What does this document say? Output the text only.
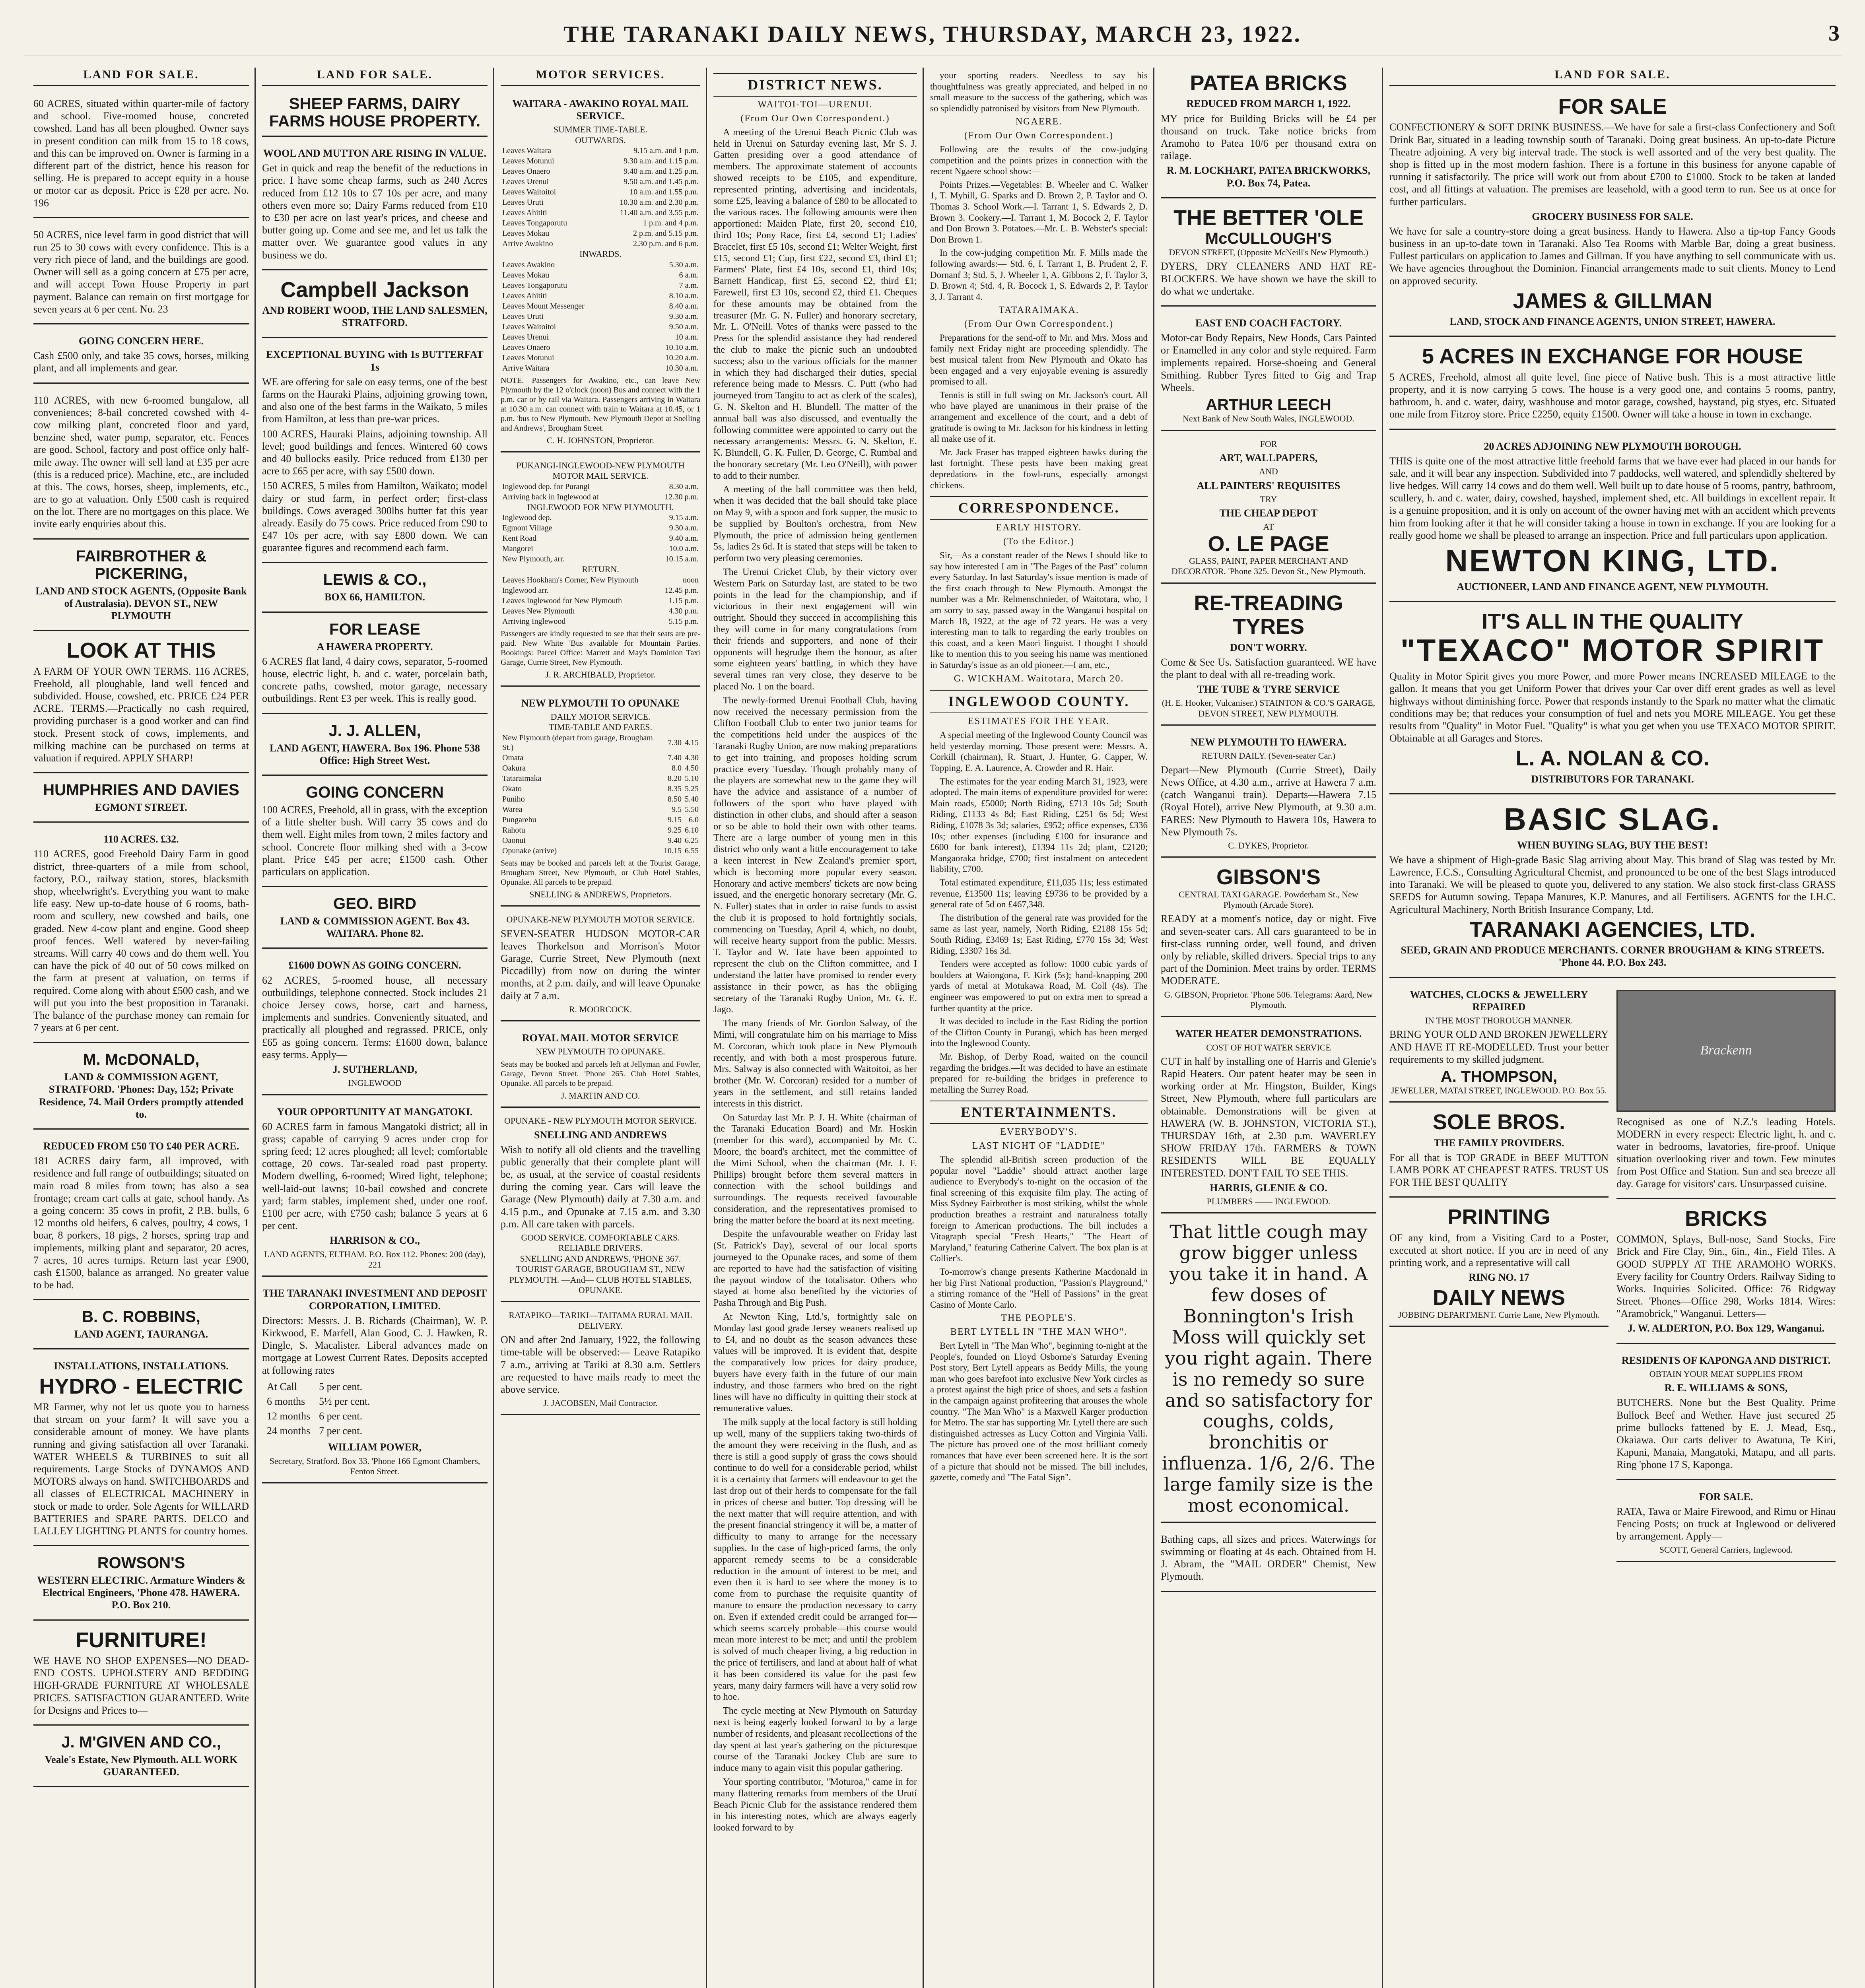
THE TARANAKI DAILY NEWS, THURSDAY, MARCH 23, 1922.	3
LAND FOR SALE.

60 ACRES, situated within quarter-mile of factory and school. Five-roomed house, concreted cowshed. Land has all been ploughed. Owner says in present condition can milk from 15 to 18 cows, and this can be improved on. Owner is farming in a different part of the district, hence his reason for selling. He is prepared to accept equity in a house or motor car as deposit. Price is £28 per acre. No. 196

50 ACRES, nice level farm in good district that will run 25 to 30 cows with every confidence. This is a very rich piece of land, and the buildings are good. Owner will sell as a going concern at £75 per acre, and will accept Town House Property in part payment. Balance can remain on first mortgage for seven years at 6 per cent. No. 23

GOING CONCERN HERE.

Cash £500 only, and take 35 cows, horses, milking plant, and all implements and gear.

110 ACRES, with new 6-roomed bungalow, all conveniences; 8-bail concreted cowshed with 4-cow milking plant, concreted floor and yard, benzine shed, water pump, separator, etc. Fences are good. School, factory and post office only half-mile away. The owner will sell land at £35 per acre (this is a reduced price). Machine, etc., are included at this. The cows, horses, sheep, implements, etc., are to go at valuation. Only £500 cash is required on the lot. There are no mortgages on this place. We invite early enquiries about this.

FAIRBROTHER & PICKERING,
LAND AND STOCK AGENTS, (Opposite Bank of Australasia). DEVON ST., NEW PLYMOUTH
LOOK AT THIS

A FARM OF YOUR OWN TERMS. 116 ACRES, Freehold, all ploughable, land well fenced and subdivided. House, cowshed, etc. PRICE £24 PER ACRE. TERMS.—Practically no cash required, providing purchaser is a good worker and can find stock. Present stock of cows, implements, and milking machine can be purchased on terms at valuation if required. APPLY SHARP!

HUMPHRIES AND DAVIES
EGMONT STREET.
110 ACRES. £32.

110 ACRES, good Freehold Dairy Farm in good district, three-quarters of a mile from school, factory, P.O., railway station, stores, blacksmith shop, wheelwright's. Everything you want to make life easy. New up-to-date house of 6 rooms, bath-room and scullery, new cowshed and bails, one graded. New 4-cow plant and engine. Good sheep proof fences. Well watered by never-failing streams. Will carry 40 cows and do them well. You can have the pick of 40 out of 50 cows milked on the farm at present at valuation, on terms if required. Come along with about £500 cash, and we will put you into the best proposition in Taranaki. The balance of the purchase money can remain for 7 years at 6 per cent.

M. McDONALD,
LAND & COMMISSION AGENT, STRATFORD. 'Phones: Day, 152; Private Residence, 74. Mail Orders promptly attended to.
REDUCED FROM £50 TO £40 PER ACRE.

181 ACRES dairy farm, all improved, with residence and full range of outbuildings; situated on main road 8 miles from town; has also a sea frontage; cream cart calls at gate, school handy. As a going concern: 35 cows in profit, 2 P.B. bulls, 6 12 months old heifers, 6 calves, poultry, 4 cows, 1 boar, 8 porkers, 18 pigs, 2 horses, spring trap and implements, milking plant and separator, 20 acres, 7 acres, 10 acres turnips. Return last year £900, cash £1500, balance as arranged. No greater value to be had.

B. C. ROBBINS,
LAND AGENT, TAURANGA.
INSTALLATIONS, INSTALLATIONS.
HYDRO - ELECTRIC

MR Farmer, why not let us quote you to harness that stream on your farm? It will save you a considerable amount of money. We have plants running and giving satisfaction all over Taranaki. WATER WHEELS & TURBINES to suit all requirements. Large Stocks of DYNAMOS AND MOTORS always on hand. SWITCHBOARDS and all classes of ELECTRICAL MACHINERY in stock or made to order. Sole Agents for WILLARD BATTERIES and SPARE PARTS. DELCO and LALLEY LIGHTING PLANTS for country homes.

ROWSON'S
WESTERN ELECTRIC. Armature Winders & Electrical Engineers, 'Phone 478. HAWERA. P.O. Box 210.
FURNITURE!

WE HAVE NO SHOP EXPENSES—NO DEAD-END COSTS. UPHOLSTERY AND BEDDING HIGH-GRADE FURNITURE AT WHOLESALE PRICES. SATISFACTION GUARANTEED. Write for Designs and Prices to—

J. M'GIVEN AND CO.,
Veale's Estate, New Plymouth. ALL WORK GUARANTEED.
LAND FOR SALE.
SHEEP FARMS, DAIRY FARMS HOUSE PROPERTY.
WOOL AND MUTTON ARE RISING IN VALUE.

Get in quick and reap the benefit of the reductions in price. I have some cheap farms, such as 240 Acres reduced from £12 10s to £7 10s per acre, and many others even more so; Dairy Farms reduced from £10 to £30 per acre on last year's prices, and cheese and butter going up. Come and see me, and let us talk the matter over. We guarantee good values in any business we do.

Campbell Jackson
AND ROBERT WOOD, THE LAND SALESMEN, STRATFORD.
EXCEPTIONAL BUYING with 1s BUTTERFAT 1s

WE are offering for sale on easy terms, one of the best farms on the Hauraki Plains, adjoining growing town, and also one of the best farms in the Waikato, 5 miles from Hamilton, at less than pre-war prices.

100 ACRES, Hauraki Plains, adjoining township. All level; good buildings and fences. Wintered 60 cows and 40 bullocks easily. Price reduced from £130 per acre to £65 per acre, with say £500 down.

150 ACRES, 5 miles from Hamilton, Waikato; model dairy or stud farm, in perfect order; first-class buildings. Cows averaged 300lbs butter fat this year already. Easily do 75 cows. Price reduced from £90 to £47 10s per acre, with say £800 down. We can guarantee figures and recommend each farm.

LEWIS & CO.,
BOX 66, HAMILTON.
FOR LEASE
A HAWERA PROPERTY.

6 ACRES flat land, 4 dairy cows, separator, 5-roomed house, electric light, h. and c. water, porcelain bath, concrete paths, cowshed, motor garage, necessary outbuildings. Rent £3 per week. This is really good.

J. J. ALLEN,
LAND AGENT, HAWERA. Box 196. Phone 538 Office: High Street West.
GOING CONCERN

100 ACRES, Freehold, all in grass, with the exception of a little shelter bush. Will carry 35 cows and do them well. Eight miles from town, 2 miles factory and school. Concrete floor milking shed with a 3-cow plant. Price £45 per acre; £1500 cash. Other particulars on application.

GEO. BIRD
LAND & COMMISSION AGENT. Box 43. WAITARA. Phone 82.
£1600 DOWN AS GOING CONCERN.

62 ACRES, 5-roomed house, all necessary outbuildings, telephone connected. Stock includes 21 choice Jersey cows, horse, cart and harness, implements and sundries. Conveniently situated, and practically all ploughed and regrassed. PRICE, only £65 as going concern. Terms: £1600 down, balance easy terms. Apply—

J. SUTHERLAND,
INGLEWOOD
YOUR OPPORTUNITY AT MANGATOKI.

60 ACRES farm in famous Mangatoki district; all in grass; capable of carrying 9 acres under crop for spring feed; 12 acres ploughed; all level; comfortable cottage, 20 cows. Tar-sealed road past property. Modern dwelling, 6-roomed; Wired light, telephone; well-laid-out lawns; 10-bail cowshed and concrete yard; farm stables, implement shed, under one roof. £100 per acre, with £750 cash; balance 5 years at 6 per cent.

HARRISON & CO.,
LAND AGENTS, ELTHAM. P.O. Box 112. Phones: 200 (day), 221
THE TARANAKI INVESTMENT AND DEPOSIT CORPORATION, LIMITED.

Directors: Messrs. J. B. Richards (Chairman), W. P. Kirkwood, E. Marfell, Alan Good, C. J. Hawken, R. Dingle, S. Macalister. Liberal advances made on mortgage at Lowest Current Rates. Deposits accepted at following rates

At Call	5 per cent.
6 months	5½ per cent.
12 months	6 per cent.
24 months	7 per cent.
WILLIAM POWER,
Secretary, Stratford. Box 33. 'Phone 166 Egmont Chambers, Fenton Street.
MOTOR SERVICES.
WAITARA - AWAKINO ROYAL MAIL SERVICE.
SUMMER TIME-TABLE.
OUTWARDS.
Leaves Waitara	9.15 a.m. and 1 p.m.
Leaves Motunui	9.30 a.m. and 1.15 p.m.
Leaves Onaero	9.40 a.m. and 1.25 p.m.
Leaves Urenui	9.50 a.m. and 1.45 p.m.
Leaves Waitoitoi	10 a.m. and 1.55 p.m.
Leaves Uruti	10.30 a.m. and 2.30 p.m.
Leaves Ahititi	11.40 a.m. and 3.55 p.m.
Leaves Tongaporutu	1 p.m. and 4 p.m.
Leaves Mokau	2 p.m. and 5.15 p.m.
Arrive Awakino	2.30 p.m. and 6 p.m.
INWARDS.
Leaves Awakino	5.30 a.m.
Leaves Mokau	6 a.m.
Leaves Tongaporutu	7 a.m.
Leaves Ahititi	8.10 a.m.
Leaves Mount Messenger	8.40 a.m.
Leaves Uruti	9.30 a.m.
Leaves Waitoitoi	9.50 a.m.
Leaves Urenui	10 a.m.
Leaves Onaero	10.10 a.m.
Leaves Motunui	10.20 a.m.
Arrive Waitara	10.30 a.m.

NOTE.—Passengers for Awakino, etc., can leave New Plymouth by the 12 o'clock (noon) Bus and connect with the 1 p.m. car or by rail via Waitara. Passengers arriving in Waitara at 10.30 a.m. can connect with train to Waitara at 10.45, or 1 p.m. 'bus to New Plymouth. New Plymouth Depot at Snelling and Andrews', Brougham Street.

C. H. JOHNSTON, Proprietor.
PUKANGI-INGLEWOOD-NEW PLYMOUTH MOTOR MAIL SERVICE.
Inglewood dep. for Purangi	8.30 a.m.
Arriving back in Inglewood at	12.30 p.m.
INGLEWOOD FOR NEW PLYMOUTH.
Inglewood dep.	9.15 a.m.
Egmont Village	9.30 a.m.
Kent Road	9.40 a.m.
Mangorei	10.0 a.m.
New Plymouth, arr.	10.15 a.m.
RETURN.
Leaves Hookham's Corner, New Plymouth	noon
Inglewood arr.	12.45 p.m.
Leaves Inglewood for New Plymouth	1.15 p.m.
Leaves New Plymouth	4.30 p.m.
Arriving Inglewood	5.15 p.m.

Passengers are kindly requested to see that their seats are pre-paid. New White 'Bus available for Mountain Parties. Bookings: Parcel Office: Marrett and May's Dominion Taxi Garage, Currie Street, New Plymouth.

J. R. ARCHIBALD, Proprietor.
NEW PLYMOUTH TO OPUNAKE
DAILY MOTOR SERVICE.
TIME-TABLE AND FARES.
New Plymouth (depart from garage, Brougham St.)	7.30	4.15
Omata	7.40	4.30
Oakura	8.0	4.50
Tataraimaka	8.20	5.10
Okato	8.35	5.25
Puniho	8.50	5.40
Warea	9.5	5.50
Pungarehu	9.15	6.0
Rahotu	9.25	6.10
Oaonui	9.40	6.25
Opunake (arrive)	10.15	6.55

Seats may be booked and parcels left at the Tourist Garage, Brougham Street, New Plymouth, or Club Hotel Stables, Opunake. All parcels to be prepaid.

SNELLING & ANDREWS, Proprietors.
OPUNAKE-NEW PLYMOUTH MOTOR SERVICE.

SEVEN-SEATER HUDSON MOTOR-CAR leaves Thorkelson and Morrison's Motor Garage, Currie Street, New Plymouth (next Piccadilly) from now on during the winter months, at 2 p.m. daily, and will leave Opunake daily at 7 a.m.

R. MOORCOCK.
ROYAL MAIL MOTOR SERVICE
NEW PLYMOUTH TO OPUNAKE.

Seats may be booked and parcels left at Jellyman and Fowler, Garage, Devon Street. 'Phone 265. Club Hotel Stables, Opunake. All parcels to be prepaid.

J. MARTIN AND CO.
OPUNAKE - NEW PLYMOUTH MOTOR SERVICE.
SNELLING AND ANDREWS

Wish to notify all old clients and the travelling public generally that their complete plant will be, as usual, at the service of coastal residents during the coming year. Cars will leave the Garage (New Plymouth) daily at 7.30 a.m. and 4.15 p.m., and Opunake at 7.15 a.m. and 3.30 p.m. All care taken with parcels.

GOOD SERVICE. COMFORTABLE CARS. RELIABLE DRIVERS.
SNELLING AND ANDREWS, 'PHONE 367. TOURIST GARAGE, BROUGHAM ST., NEW PLYMOUTH. —And— CLUB HOTEL STABLES, OPUNAKE.
RATAPIKO—TARIKI—TAITAMA RURAL MAIL DELIVERY.

ON and after 2nd January, 1922, the following time-table will be observed:— Leave Ratapiko 7 a.m., arriving at Tariki at 8.30 a.m. Settlers are requested to have mails ready to meet the above service.

J. JACOBSEN, Mail Contractor.
DISTRICT NEWS.
WAITOI-TOI—URENUI.
(From Our Own Correspondent.)

A meeting of the Urenui Beach Picnic Club was held in Urenui on Saturday evening last, Mr S. J. Gatten presiding over a good attendance of members. The approximate statement of accounts showed receipts to be £105, and expenditure, represented printing, advertising and incidentals, some £25, leaving a balance of £80 to be allocated to the various races. The following amounts were then apportioned: Maiden Plate, first 20, second £10, third 10s; Pony Race, first £4, second £1; Ladies' Bracelet, first £5 10s, second £1; Welter Weight, first £15, second £1; Cup, first £22, second £3, third £1; Farmers' Plate, first £4 10s, second £1, third 10s; Barnett Handicap, first £5, second £2, third £1; Farewell, first £3 10s, second £2, third £1. Cheques for these amounts may be obtained from the treasurer (Mr. G. N. Fuller) and honorary secretary, Mr. L. O'Neill. Votes of thanks were passed to the Press for the splendid assistance they had rendered the club to make the picnic such an undoubted success; also to the various officials for the manner in which they had discharged their duties, special reference being made to Messrs. C. Putt (who had journeyed from Tangitu to act as clerk of the scales), G. N. Skelton and H. Blundell. The matter of the annual ball was also discussed, and eventually the following committee were appointed to carry out the necessary arrangements: Messrs. G. N. Skelton, E. K. Blundell, G. K. Fuller, D. George, C. Rumbal and the honorary secretary (Mr. Leo O'Neill), with power to add to their number.

A meeting of the ball committee was then held, when it was decided that the ball should take place on May 9, with a spoon and fork supper, the music to be supplied by Boulton's orchestra, from New Plymouth, the price of admission being gentlemen 5s, ladies 2s 6d. It is stated that steps will be taken to perform two very pleasing ceremonies.

The Urenui Cricket Club, by their victory over Western Park on Saturday last, are stated to be two points in the lead for the championship, and if victorious in their next engagement will win outright. Should they succeed in accomplishing this they will come in for many congratulations from their friends and supporters, and none of their opponents will begrudge them the honour, as after some eighteen years' battling, in which they have several times ran very close, they deserve to be placed No. 1 on the board.

The newly-formed Urenui Football Club, having now received the necessary permission from the Clifton Football Club to enter two junior teams for the competitions held under the auspices of the Taranaki Rugby Union, are now making preparations to get into training, and proposes holding scrum practice every Tuesday. Though probably many of the players are somewhat new to the game they will have the advice and assistance of a number of followers of the sport who have played with distinction in other clubs, and should after a season or so be able to hold their own with other teams. There are a large number of young men in this district who only want a little encouragement to take a keen interest in New Zealand's premier sport, which is becoming more popular every season. Honorary and active members' tickets are now being issued, and the energetic honorary secretary (Mr. G. N. Fuller) states that in order to raise funds to assist the club it is proposed to hold fortnightly socials, commencing on Tuesday, April 4, which, no doubt, will receive hearty support from the public. Messrs. T. Taylor and W. Tate have been appointed to represent the club on the Clifton committee, and I understand the latter have promised to render every assistance in their power, as has the obliging secretary of the Taranaki Rugby Union, Mr. G. E. Jago.

The many friends of Mr. Gordon Salway, of the Mimi, will congratulate him on his marriage to Miss M. Corcoran, which took place in New Plymouth recently, and with both a most prosperous future. Mrs. Salway is also connected with Waitoitoi, as her brother (Mr. W. Corcoran) resided for a number of years in the settlement, and still retains landed interests in this district.

On Saturday last Mr. P. J. H. White (chairman of the Taranaki Education Board) and Mr. Hoskin (member for this ward), accompanied by Mr. C. Moore, the board's architect, met the committee of the Mimi School, when the chairman (Mr. J. F. Phillips) brought before them several matters in connection with the school buildings and surroundings. The requests received favourable consideration, and the representatives promised to bring the matter before the board at its next meeting.

Despite the unfavourable weather on Friday last (St. Patrick's Day), several of our local sports journeyed to the Opunake races, and some of them are reported to have had the satisfaction of visiting the payout window of the totalisator. Others who stayed at home also benefited by the victories of Pasha Through and Big Push.

At Newton King, Ltd.'s, fortnightly sale on Monday last good grade Jersey weaners realised up to £4, and no doubt as the season advances these values will be improved. It is evident that, despite the comparatively low prices for dairy produce, buyers have every faith in the future of our main industry, and those farmers who bred on the right lines will have no difficulty in quitting their stock at remunerative values.

The milk supply at the local factory is still holding up well, many of the suppliers taking two-thirds of the amount they were receiving in the flush, and as there is still a good supply of grass the cows should continue to do well for a considerable period, whilst it is a certainty that farmers will endeavour to get the last drop out of their herds to compensate for the fall in prices of cheese and butter. Top dressing will be the next matter that will require attention, and with the present financial stringency it will be, a matter of difficulty to many to arrange for the necessary supplies. In the case of high-priced farms, the only apparent remedy seems to be a considerable reduction in the amount of interest to be met, and even then it is hard to see where the money is to come from to purchase the requisite quantity of manure to ensure the production necessary to carry on. Even if extended credit could be arranged for—which seems scarcely probable—this course would mean more interest to be met; and until the problem is solved of much cheaper living, a big reduction in the price of fertilisers, and land at about half of what it has been considered its value for the past few years, many dairy farmers will have a very solid row to hoe.

The cycle meeting at New Plymouth on Saturday next is being eagerly looked forward to by a large number of residents, and pleasant recollections of the day spent at last year's gathering on the picturesque course of the Taranaki Jockey Club are sure to induce many to again visit this popular gathering.

Your sporting contributor, "Moturoa," came in for many flattering remarks from members of the Urutí Beach Picnic Club for the assistance rendered them in his interesting notes, which are always eagerly looked forward to by

your sporting readers. Needless to say his thoughtfulness was greatly appreciated, and helped in no small measure to the success of the gathering, which was so splendidly patronised by visitors from New Plymouth.

NGAERE.
(From Our Own Correspondent.)

Following are the results of the cow-judging competition and the points prizes in connection with the recent Ngaere school show:—

Points Prizes.—Vegetables: B. Wheeler and C. Walker 1, T. Myhill, G. Sparks and D. Brown 2, P. Taylor and O. Thomas 3. School Work.—I. Tarrant 1, S. Edwards 2, D. Brown 3. Cookery.—I. Tarrant 1, M. Bocock 2, F. Taylor and Don Brown 3. Potatoes.—Mr. L. B. Webster's special: Don Brown 1.

In the cow-judging competition Mr. F. Mills made the following awards:— Std. 6, I. Tarrant 1, B. Prudent 2, F. Dornanf 3; Std. 5, J. Wheeler 1, A. Gibbons 2, F. Taylor 3, D. Brown 4; Std. 4, R. Bocock 1, S. Edwards 2, P. Taylor 3, J. Tarrant 4.

TATARAIMAKA.
(From Our Own Correspondent.)

Preparations for the send-off to Mr. and Mrs. Moss and family next Friday night are proceeding splendidly. The best musical talent from New Plymouth and Okato has been engaged and a very enjoyable evening is assuredly promised to all.

Tennis is still in full swing on Mr. Jackson's court. All who have played are unanimous in their praise of the arrangement and excellence of the court, and a debt of gratitude is owing to Mr. Jackson for his kindness in letting all make use of it.

Mr. Jack Fraser has trapped eighteen hawks during the last fortnight. These pests have been making great depredations in the fowl-runs, especially amongst chickens.

CORRESPONDENCE.
EARLY HISTORY.
(To the Editor.)

Sir,—As a constant reader of the News I should like to say how interested I am in "The Pages of the Past" column every Saturday. In last Saturday's issue mention is made of the first coach through to New Plymouth. Amongst the number was a Mr. Relmenschnieder, of Waitotara, who, I am sorry to say, passed away in the Wanganui hospital on March 18, 1922, at the age of 72 years. He was a very interesting man to talk to regarding the early troubles on this coast, and a keen Maori linguist. I thought I should like to mention this to you seeing his name was mentioned in Saturday's issue as an old pioneer.—I am, etc.,

G. WICKHAM. Waitotara, March 20.
INGLEWOOD COUNTY.
ESTIMATES FOR THE YEAR.

A special meeting of the Inglewood County Council was held yesterday morning. Those present were: Messrs. A. Corkill (chairman), R. Stuart, J. Hunter, G. Capper, W. Topping, E. A. Laurence, A. Crowder and R. Hair.

The estimates for the year ending March 31, 1923, were adopted. The main items of expenditure provided for were: Main roads, £5000; North Riding, £713 10s 5d; South Riding, £1133 4s 8d; East Riding, £251 6s 5d; West Riding, £1078 3s 3d; salaries, £952; office expenses, £336 10s; other expenses (including £100 for insurance and £600 for bank interest), £1394 11s 2d; plant, £2120; Mangaoraka bridge, £700; first instalment on antecedent liability, £700.

Total estimated expenditure, £11,035 11s; less estimated revenue, £13500 11s; leaving £9736 to be provided by a general rate of 5d on £467,348.

The distribution of the general rate was provided for the same as last year, namely, North Riding, £2188 15s 5d; South Riding, £3469 1s; East Riding, £770 15s 3d; West Riding, £3307 16s 3d.

Tenders were accepted as follow: 1000 cubic yards of boulders at Waiongona, F. Kirk (5s); hand-knapping 200 yards of metal at Motukawa Road, M. Coll (4s). The engineer was empowered to put on extra men to spread a further quantity at the price.

It was decided to include in the East Riding the portion of the Clifton County in Purangi, which has been merged into the Inglewood County.

Mr. Bishop, of Derby Road, waited on the council regarding the bridges.—It was decided to have an estimate prepared for re-building the bridges in preference to metalling the Surrey Road.

ENTERTAINMENTS.
EVERYBODY'S.
LAST NIGHT OF "LADDIE"

The splendid all-British screen production of the popular novel "Laddie" should attract another large audience to Everybody's to-night on the occasion of the final screening of this exquisite film play. The acting of Miss Sydney Fairbrother is most striking, whilst the whole production breathes a restraint and naturalness totally foreign to American productions. The bill includes a Vitagraph special "Fresh Hearts," "The Heart of Maryland," featuring Catherine Calvert. The box plan is at Collier's.

To-morrow's change presents Katherine Macdonald in her big First National production, "Passion's Playground," a stirring romance of the "Hell of Passions" in the great Casino of Monte Carlo.

THE PEOPLE'S.
BERT LYTELL IN "THE MAN WHO".

Bert Lytell in "The Man Who", beginning to-night at the People's, founded on Lloyd Osborne's Saturday Evening Post story, Bert Lytell appears as Beddy Mills, the young man who goes barefoot into exclusive New York circles as a protest against the high price of shoes, and sets a fashion in the campaign against profiteering that arouses the whole country. "The Man Who" is a Maxwell Karger production for Metro. The star has supporting Mr. Lytell there are such distinguished actresses as Lucy Cotton and Virginia Valli. The picture has proved one of the most brilliant comedy romances that have ever been screened here. It is the sort of a picture that should not be missed. The bill includes, gazette, comedy and "The Fatal Sign".

PATEA BRICKS
REDUCED FROM MARCH 1, 1922.

MY price for Building Bricks will be £4 per thousand on truck. Take notice bricks from Aramoho to Patea 10/6 per thousand extra on railage.

R. M. LOCKHART, PATEA BRICKWORKS, P.O. Box 74, Patea.
THE BETTER 'OLE
McCULLOUGH'S
DEVON STREET, (Opposite McNeill's New Plymouth.)

DYERS, DRY CLEANERS AND HAT RE-BLOCKERS. We have shown we have the skill to do what we undertake.

EAST END COACH FACTORY.

Motor-car Body Repairs, New Hoods, Cars Painted or Enamelled in any color and style required. Farm implements repaired. Horse-shoeing and General Smithing. Rubber Tyres fitted to Gig and Trap Wheels.

ARTHUR LEECH
Next Bank of New South Wales, INGLEWOOD.
FOR
ART, WALLPAPERS,
AND
ALL PAINTERS' REQUISITES
TRY
THE CHEAP DEPOT
AT
O. LE PAGE
GLASS, PAINT, PAPER MERCHANT AND DECORATOR. 'Phone 325. Devon St., New Plymouth.
RE-TREADING TYRES
DON'T WORRY.

Come & See Us. Satisfaction guaranteed. WE have the plant to deal with all re-treading work.

THE TUBE & TYRE SERVICE
(H. E. Hooker, Vulcaniser.) STAINTON & CO.'S GARAGE, DEVON STREET, NEW PLYMOUTH.
NEW PLYMOUTH TO HAWERA.
RETURN DAILY. (Seven-seater Car.)

Depart—New Plymouth (Currie Street), Daily News Office, at 4.30 a.m., arrive at Hawera 7 a.m. (catch Wanganui train). Departs—Hawera 7.15 (Royal Hotel), arrive New Plymouth, at 9.30 a.m. FARES: New Plymouth to Hawera 10s, Hawera to New Plymouth 7s.

C. DYKES, Proprietor.
GIBSON'S
CENTRAL TAXI GARAGE. Powderham St., New Plymouth (Arcade Store).

READY at a moment's notice, day or night. Five and seven-seater cars. All cars guaranteed to be in first-class running order, well found, and driven only by reliable, skilled drivers. Special trips to any part of the Dominion. Meet trains by order. TERMS MODERATE.

G. GIBSON, Proprietor. 'Phone 506. Telegrams: Aard, New Plymouth.
WATER HEATER DEMONSTRATIONS.
COST OF HOT WATER SERVICE

CUT in half by installing one of Harris and Glenie's Rapid Heaters. Our patent heater may be seen in working order at Mr. Hingston, Builder, Kings Street, New Plymouth, where full particulars are obtainable. Demonstrations will be given at HAWERA (W. B. JOHNSTON, VICTORIA ST.), THURSDAY 16th, at 2.30 p.m. WAVERLEY SHOW FRIDAY 17th. FARMERS & TOWN RESIDENTS WILL BE EQUALLY INTERESTED. DON'T FAIL TO SEE THIS.

HARRIS, GLENIE & CO.
PLUMBERS —— INGLEWOOD.
That little cough may grow bigger unless you take it in hand. A few doses of Bonnington's Irish Moss will quickly set you right again. There is no remedy so sure and so satisfactory for coughs, colds, bronchitis or influenza. 1/6, 2/6. The large family size is the most economical.

Bathing caps, all sizes and prices. Waterwings for swimming or floating at 4s each. Obtained from H. J. Abram, the "MAIL ORDER" Chemist, New Plymouth.

LAND FOR SALE.
FOR SALE

CONFECTIONERY & SOFT DRINK BUSINESS.—We have for sale a first-class Confectionery and Soft Drink Bar, situated in a leading township south of Taranaki. Doing great business. An up-to-date Picture Theatre adjoining. A very big interval trade. The stock is well assorted and of the very best quality. The shop is fitted up in the most modern fashion. There is a fortune in this business for anyone capable of running it satisfactorily. The price will work out from about £700 to £1000. Stock to be taken at landed cost, and all fittings at valuation. The premises are leasehold, with a good term to run. See us at once for further particulars.

GROCERY BUSINESS FOR SALE.

We have for sale a country-store doing a great business. Handy to Hawera. Also a tip-top Fancy Goods business in an up-to-date town in Taranaki. Also Tea Rooms with Marble Bar, doing a great business. Fullest particulars on application to James and Gillman. If you have anything to sell communicate with us. We have agencies throughout the Dominion. Financial arrangements made to suit clients. Money to Lend on approved security.

JAMES & GILLMAN
LAND, STOCK AND FINANCE AGENTS, UNION STREET, HAWERA.
5 ACRES IN EXCHANGE FOR HOUSE

5 ACRES, Freehold, almost all quite level, fine piece of Native bush. This is a most attractive little property, and it is now carrying 5 cows. The house is a very good one, and contains 5 rooms, pantry, bathroom, h. and c. water, dairy, washhouse and motor garage, cowshed, haystand, pig styes, etc. Situated one mile from Fitzroy store. Price £2250, equity £1500. Owner will take a house in town in exchange.

20 ACRES ADJOINING NEW PLYMOUTH BOROUGH.

THIS is quite one of the most attractive little freehold farms that we have ever had placed in our hands for sale, and it will bear any inspection. Subdivided into 7 paddocks, well watered, and splendidly sheltered by live hedges. Will carry 14 cows and do them well. Well built up to date house of 5 rooms, pantry, bathroom, scullery, h. and c. water, dairy, cowshed, hayshed, implement shed, etc. All buildings in excellent repair. It is a genuine proposition, and it is only on account of the owner having met with an accident which prevents him from looking after it that he will consider taking a house in town in exchange. If you are looking for a really good home we shall be pleased to arrange an inspection. Price and full particulars upon application.

NEWTON KING, LTD.
AUCTIONEER, LAND AND FINANCE AGENT, NEW PLYMOUTH.
IT'S ALL IN THE QUALITY
"TEXACO" MOTOR SPIRIT

Quality in Motor Spirit gives you more Power, and more Power means INCREASED MILEAGE to the gallon. It means that you get Uniform Power that drives your Car over diff erent grades as well as level highways without diminishing force. Power that responds instantly to the Spark no matter what the climatic conditions may be; that reduces your consumption of fuel and nets you MORE MILEAGE. You get these results from "Quality" in Motor Fuel. "Quality" is what you get when you use TEXACO MOTOR SPIRIT. Obtainable at all Garages and Stores.

L. A. NOLAN & CO.
DISTRIBUTORS FOR TARANAKI.
BASIC SLAG.
WHEN BUYING SLAG, BUY THE BEST!

We have a shipment of High-grade Basic Slag arriving about May. This brand of Slag was tested by Mr. Lawrence, F.C.S., Consulting Agricultural Chemist, and pronounced to be one of the best Slags introduced into Taranaki. We will be pleased to quote you, delivered to any station. We also stock first-class GRASS SEEDS for Autumn sowing. Tepapa Manures, K.P. Manures, and all Fertilisers. AGENTS for the I.H.C. Agricultural Machinery, North British Insurance Company, Ltd.

TARANAKI AGENCIES, LTD.
SEED, GRAIN AND PRODUCE MERCHANTS. CORNER BROUGHAM & KING STREETS. 'Phone 44. P.O. Box 243.
WATCHES, CLOCKS & JEWELLERY REPAIRED
IN THE MOST THOROUGH MANNER.

BRING YOUR OLD AND BROKEN JEWELLERY AND HAVE IT RE-MODELLED. Trust your better requirements to my skilled judgment.

A. THOMPSON,
JEWELLER, MATAI STREET, INGLEWOOD. P.O. Box 55.
SOLE BROS.
THE FAMILY PROVIDERS.

For all that is TOP GRADE in BEEF MUTTON LAMB PORK AT CHEAPEST RATES. TRUST US FOR THE BEST QUALITY

PRINTING

OF any kind, from a Visiting Card to a Poster, executed at short notice. If you are in need of any printing work, and a representative will call

RING NO. 17
DAILY NEWS
JOBBING DEPARTMENT. Currie Lane, New Plymouth.
Brackenn

Recognised as one of N.Z.'s leading Hotels. MODERN in every respect: Electric light, h. and c. water in bedrooms, lavatories, fire-proof. Unique situation overlooking river and town. Few minutes from Post Office and Station. Sun and sea breeze all day. Garage for visitors' cars. Unsurpassed cuisine.

BRICKS

COMMON, Splays, Bull-nose, Sand Stocks, Fire Brick and Fire Clay, 9in., 6in., 4in., Field Tiles. A GOOD SUPPLY AT THE ARAMOHO WORKS. Every facility for Country Orders. Railway Siding to Works. Inquiries Solicited. Office: 76 Ridgway Street. 'Phones—Office 298, Works 1814. Wires: "Aramobrick," Wanganui. Letters—

J. W. ALDERTON, P.O. Box 129, Wanganui.
RESIDENTS OF KAPONGA AND DISTRICT.
OBTAIN YOUR MEAT SUPPLIES FROM
R. E. WILLIAMS & SONS,

BUTCHERS. None but the Best Quality. Prime Bullock Beef and Wether. Have just secured 25 prime bullocks fattened by E. J. Mead, Esq., Okaiawa. Our carts deliver to Awatuna, Te Kiri, Kapuni, Manaia, Mangatoki, Matapu, and all parts. Ring 'phone 17 S, Kaponga.

FOR SALE.

RATA, Tawa or Maire Firewood, and Rimu or Hinau Fencing Posts; on truck at Inglewood or delivered by arrangement. Apply—

SCOTT, General Carriers, Inglewood.
